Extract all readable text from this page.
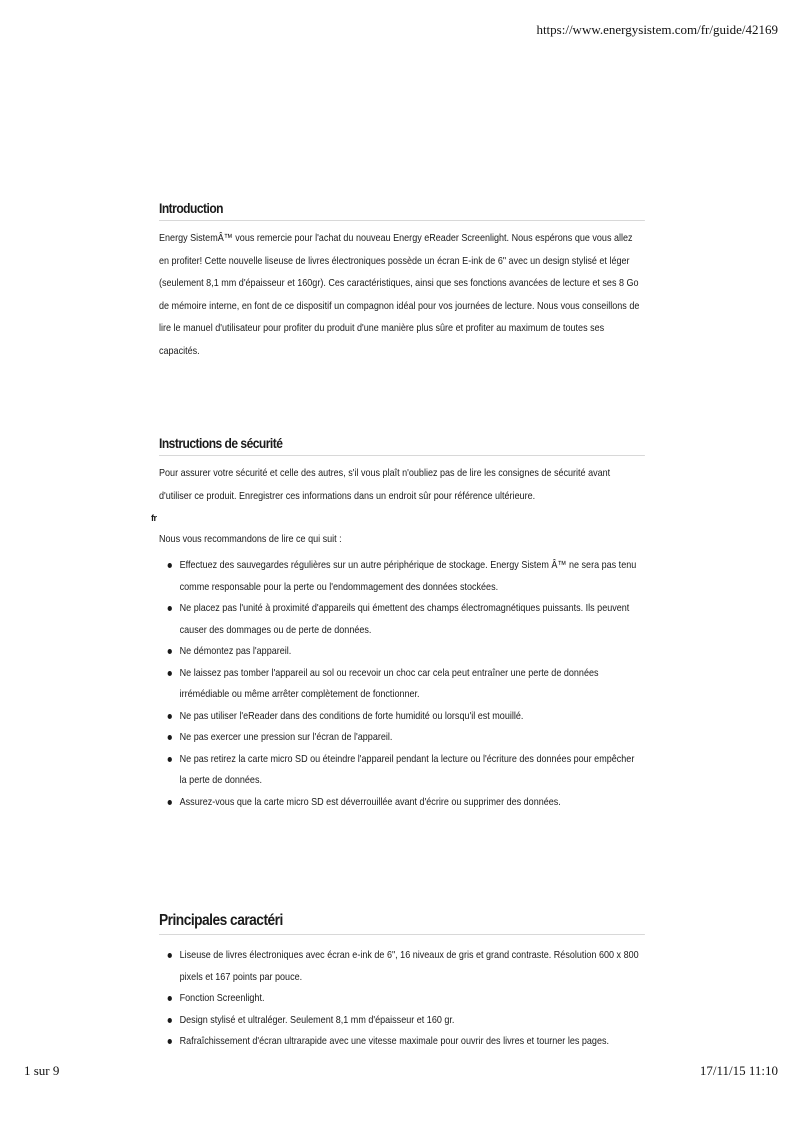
https://www.energysistem.com/fr/guide/42169
Introduction

Energy SistemÂ™ vous remercie pour l'achat du nouveau Energy eReader Screenlight. Nous espérons que vous allez en profiter! Cette nouvelle liseuse de livres électroniques possède un écran E-ink de 6" avec un design stylisé et léger (seulement 8,1 mm d'épaisseur et 160gr). Ces caractéristiques, ainsi que ses fonctions avancées de lecture et ses 8 Go de mémoire interne, en font de ce dispositif un compagnon idéal pour vos journées de lecture. Nous vous conseillons de lire le manuel d'utilisateur pour profiter du produit d'une manière plus sûre et profiter au maximum de toutes ses capacités.

Instructions de sécurité

Pour assurer votre sécurité et celle des autres, s'il vous plaît n'oubliez pas de lire les consignes de sécurité avant d'utiliser ce produit. Enregistrer ces informations dans un endroit sûr pour référence ultérieure.

fr

Nous vous recommandons de lire ce qui suit :

Effectuez des sauvegardes régulières sur un autre périphérique de stockage. Energy Sistem Â™ ne sera pas tenu comme responsable pour la perte ou l'endommagement des données stockées.
Ne placez pas l'unité à proximité d'appareils qui émettent des champs électromagnétiques puissants. Ils peuvent causer des dommages ou de perte de données.
Ne démontez pas l'appareil.
Ne laissez pas tomber l'appareil au sol ou recevoir un choc car cela peut entraîner une perte de données irrémédiable ou même arrêter complètement de fonctionner.
Ne pas utiliser l'eReader dans des conditions de forte humidité ou lorsqu'il est mouillé.
Ne pas exercer une pression sur l'écran de l'appareil.
Ne pas retirez la carte micro SD ou éteindre l'appareil pendant la lecture ou l'écriture des données pour empêcher la perte de données.
Assurez-vous que la carte micro SD est déverrouillée avant d'écrire ou supprimer des données.
Principales caractéri
Liseuse de livres électroniques avec écran e-ink de 6", 16 niveaux de gris et grand contraste. Résolution 600 x 800 pixels et 167 points par pouce.
Fonction Screenlight.
Design stylisé et ultraléger. Seulement 8,1 mm d'épaisseur et 160 gr.
Rafraîchissement d'écran ultrarapide avec une vitesse maximale pour ouvrir des livres et tourner les pages.
1 sur 9	17/11/15 11:10
